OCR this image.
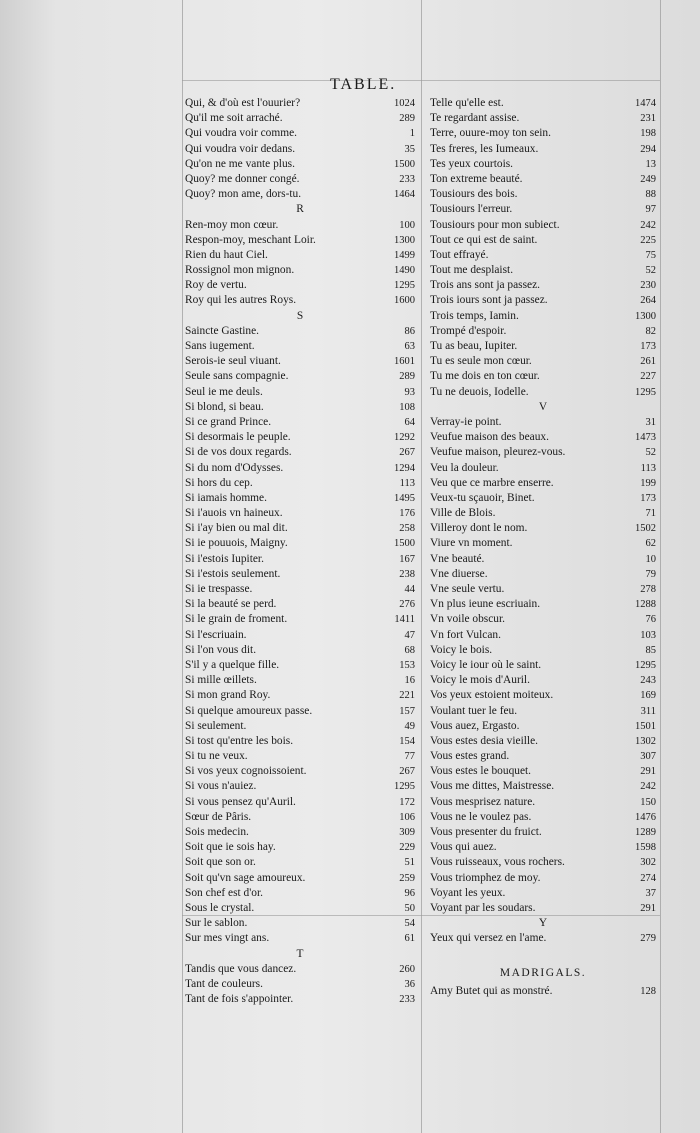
TABLE.
Qui, & d'où est l'ouurier?	1024
Qu'il me soit arraché.	289
Qui voudra voir comme.	1
Qui voudra voir dedans.	35
Qu'on ne me vante plus.	1500
Quoy? me donner congé.	233
Quoy? mon ame, dors-tu.	1464
R
Ren-moy mon cœur.	100
Respon-moy, meschant Loir.	1300
Rien du haut Ciel.	1499
Rossignol mon mignon.	1490
Roy de vertu.	1295
Roy qui les autres Roys.	1600
S
Saincte Gastine.	86
Sans iugement.	63
Serois-ie seul viuant.	1601
Seule sans compagnie.	289
Seul ie me deuls.	93
Si blond, si beau.	108
Si ce grand Prince.	64
Si desormais le peuple.	1292
Si de vos doux regards.	267
Si du nom d'Odysses.	1294
Si hors du cep.	113
Si iamais homme.	1495
Si i'auois vn haineux.	176
Si i'ay bien ou mal dit.	258
Si ie pouuois, Maigny.	1500
Si i'estois Iupiter.	167
Si i'estois seulement.	238
Si ie trespasse.	44
Si la beauté se perd.	276
Si le grain de froment.	1411
Si l'escriuain.	47
Si l'on vous dit.	68
S'il y a quelque fille.	153
Si mille œillets.	16
Si mon grand Roy.	221
Si quelque amoureux passe.	157
Si seulement.	49
Si tost qu'entre les bois.	154
Si tu ne veux.	77
Si vos yeux cognoissoient.	267
Si vous n'auiez.	1295
Si vous pensez qu'Auril.	172
Sœur de Pâris.	106
Sois medecin.	309
Soit que ie sois hay.	229
Soit que son or.	51
Soit qu'vn sage amoureux.	259
Son chef est d'or.	96
Sous le crystal.	50
Sur le sablon.	54
Sur mes vingt ans.	61
T
Tandis que vous dancez.	260
Tant de couleurs.	36
Tant de fois s'appointer.	233
Telle qu'elle est.	1474
Te regardant assise.	231
Terre, ouure-moy ton sein.	198
Tes freres, les Iumeaux.	294
Tes yeux courtois.	13
Ton extreme beauté.	249
Tousiours des bois.	88
Tousiours l'erreur.	97
Tousiours pour mon subiect.	242
Tout ce qui est de saint.	225
Tout effrayé.	75
Tout me desplaist.	52
Trois ans sont ja passez.	230
Trois iours sont ja passez.	264
Trois temps, Iamin.	1300
Trompé d'espoir.	82
Tu as beau, Iupiter.	173
Tu es seule mon cœur.	261
Tu me dois en ton cœur.	227
Tu ne deuois, Iodelle.	1295
V
Verray-ie point.	31
Veufue maison des beaux.	1473
Veufue maison, pleurez-vous.	52
Veu la douleur.	113
Veu que ce marbre enserre.	199
Veux-tu sçauoir, Binet.	173
Ville de Blois.	71
Villeroy dont le nom.	1502
Viure vn moment.	62
Vne beauté.	10
Vne diuerse.	79
Vne seule vertu.	278
Vn plus ieune escriuain.	1288
Vn voile obscur.	76
Vn fort Vulcan.	103
Voicy le bois.	85
Voicy le iour où le saint.	1295
Voicy le mois d'Auril.	243
Vos yeux estoient moiteux.	169
Voulant tuer le feu.	311
Vous auez, Ergasto.	1501
Vous estes desia vieille.	1302
Vous estes grand.	307
Vous estes le bouquet.	291
Vous me dittes, Maistresse.	242
Vous mesprisez nature.	150
Vous ne le voulez pas.	1476
Vous presenter du fruict.	1289
Vous qui auez.	1598
Vous ruisseaux, vous rochers.	302
Vous triomphez de moy.	274
Voyant les yeux.	37
Voyant par les soudars.	291
Y
Yeux qui versez en l'ame.	279
MADRIGALS.
Amy Butet qui as monstré.	128
